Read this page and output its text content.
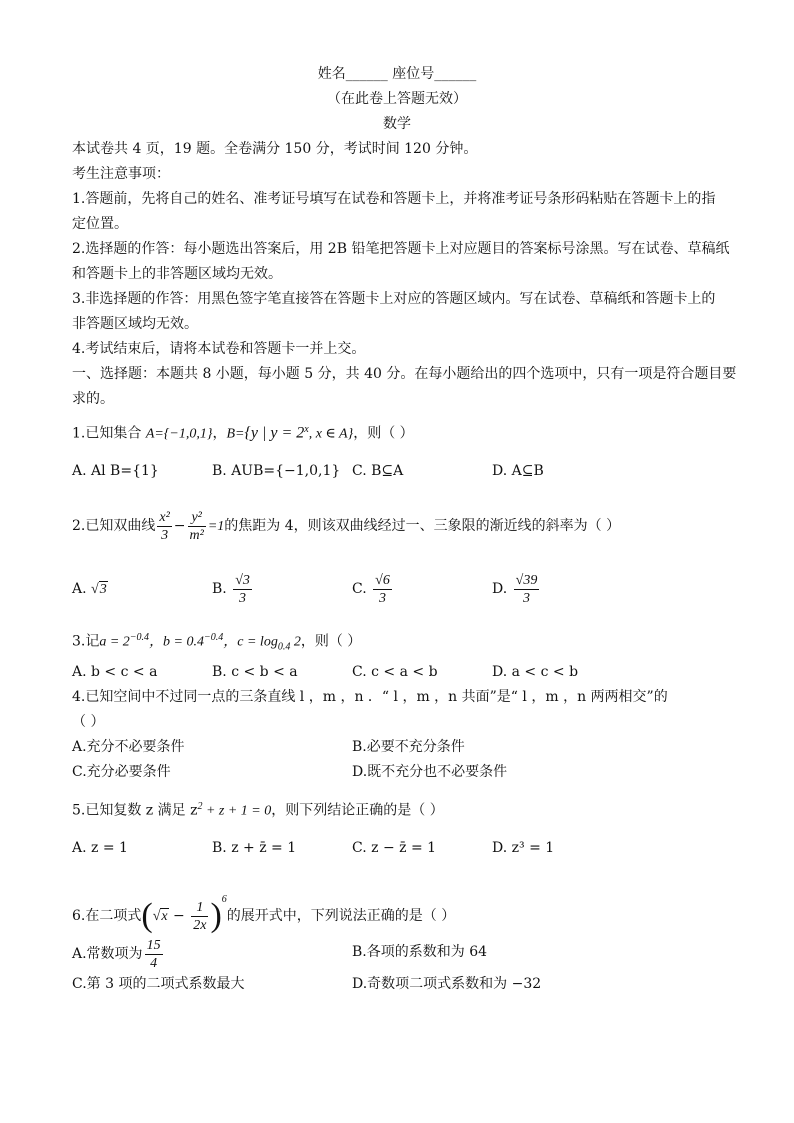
姓名______ 座位号______
（在此卷上答题无效）
数学
本试卷共 4 页，19 题。全卷满分 150 分，考试时间 120 分钟。
考生注意事项：
1.答题前，先将自己的姓名、准考证号填写在试卷和答题卡上，并将准考证号条形码粘贴在答题卡上的指
定位置。
2.选择题的作答：每小题选出答案后，用 2B 铅笔把答题卡上对应题目的答案标号涂黑。写在试卷、草稿纸
和答题卡上的非答题区域均无效。
3.非选择题的作答：用黑色签字笔直接答在答题卡上对应的答题区域内。写在试卷、草稿纸和答题卡上的
非答题区域均无效。
4.考试结束后，请将本试卷和答题卡一并上交。
一、选择题：本题共 8 小题，每小题 5 分，共 40 分。在每小题给出的四个选项中，只有一项是符合题目要
求的。
1.已知集合 A={−1,0,1}，B={y | $y = 2^x$, x ∈ A}，则（ ）
A. Al B={1}	B. AUB={−1,0,1} C. B⊆A	D. A⊆B
2.已知双曲线 $\frac{\text{x²}}{3} - \frac{\text{y²}}{\text{m²}} =1$的焦距为 4，则该双曲线经过一、三象限的渐近线的斜率为（ ）
A. √3	B. $\frac{√3}{3}$	C. $\frac{√6}{3}$	D. $\frac{√39}{3}$
3.记$a = 2^{-0.4}$，$b = 0.4^{-0.4}$，$c = \log_{0.4} 2$，则（ ）
A. b < c < a	B. c < b < a	C. c < a < b	D. a < c < b
4.已知空间中不过同一点的三条直线 l ，m ，n ．“ l ，m ，n 共面”是“ l ，m ，n 两两相交”的
（ ）
A.充分不必要条件	B.必要不充分条件
C.充分必要条件	D.既不充分也不必要条件
5.已知复数 z 满足 $z^2 + z + 1 = 0$，则下列结论正确的是（ ）
A. z = 1	B. z + z̄ = 1	C. z − z̄ = 1	D. z³ = 1
6.在二项式$(√x - \frac{1}{2x} )^6$的展开式中，下列说法正确的是（ ）
A.常数项为 $\frac{15}{4}$	B.各项的系数和为 64
C.第 3 项的二项式系数最大	D.奇数项二项式系数和为 −32
